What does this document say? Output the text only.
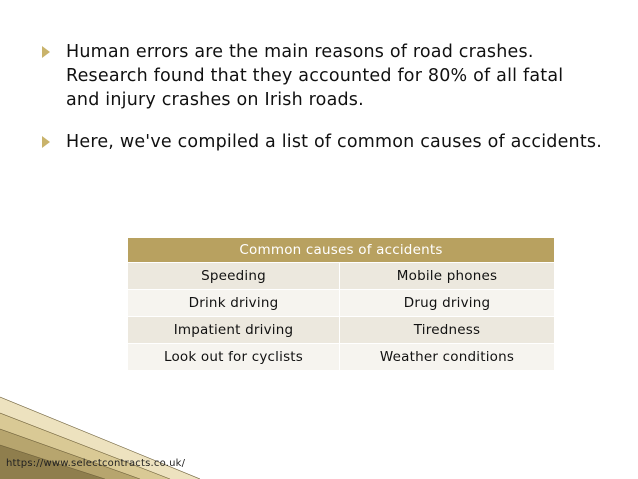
Human errors are the main reasons of road crashes. Research found that they accounted for 80% of all fatal and injury crashes on Irish roads.
Here, we've compiled a list of common causes of accidents.
Common causes of accidents	
Speeding	Mobile phones
Drink driving	Drug driving
Impatient driving	Tiredness
Look out for cyclists	Weather conditions
https://www.selectcontracts.co.uk/
